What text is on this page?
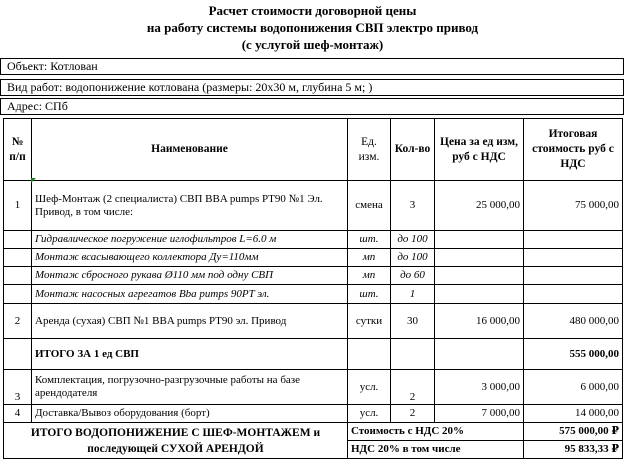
Расчет стоимости договорной цены
на работу системы водопонижения СВП электро привод
(с услугой шеф-монтаж)
Объект: Котлован
Вид работ: водопонижение котлована (размеры: 20х30 м, глубина 5 м; )
Адрес: СПб
№ п/п	Наименование	Ед. изм.	Кол-во	Цена за ед изм, руб с НДС	Итоговая стоимость руб с НДС
1	Шеф-Монтаж (2 специалиста) СВП BBA pumps PT90 №1 Эл. Привод, в том числе:	смена	3	25 000,00	75 000,00
	Гидравлическое погружение иглофильтров L=6.0 м	шт.	до 100		
	Монтаж всасывающего коллектора Ду=110мм	мп	до 100		
	Монтаж сбросного рукава Ø110 мм под одну СВП	мп	до 60		
	Монтаж насосных агрегатов Bba pumps 90PT эл.	шт.	1		
2	Аренда (сухая) СВП №1 BBA pumps PT90 эл. Привод	сутки	30	16 000,00	480 000,00
	ИТОГО ЗА 1 ед СВП				555 000,00
3	Комплектация, погрузочно-разгрузочные работы на базе арендодателя	усл.	2	3 000,00	6 000,00
4	Доставка/Вывоз оборудования (борт)	усл.	2	7 000,00	14 000,00
ИТОГО ВОДОПОНИЖЕНИЕ С ШЕФ-МОНТАЖЕМ и последующей СУХОЙ АРЕНДОЙ		Стоимость с НДС 20%			575 000,00 ₽
		НДС 20% в том числе			95 833,33 ₽
